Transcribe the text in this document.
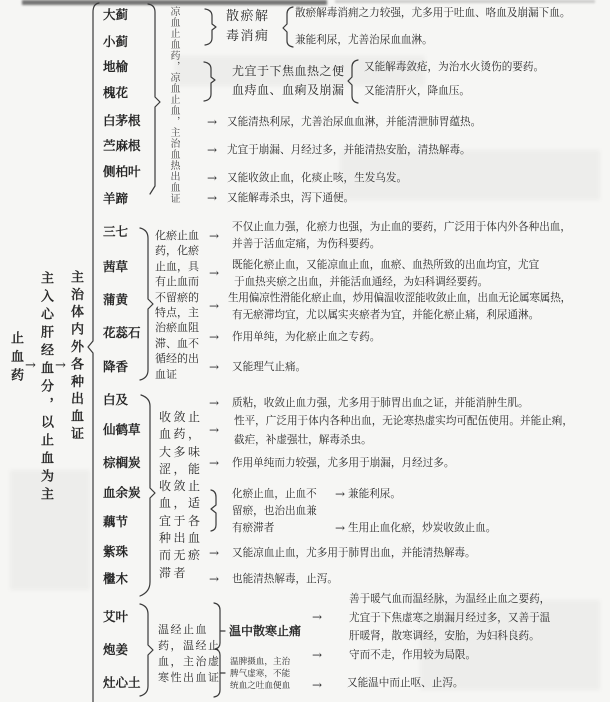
止血药 → 主入心肝经血分，以止血为主 → 主治体内外各种出血证
大蓟
小蓟
地榆
槐花
白茅根
苎麻根
侧柏叶
羊蹄	凉血止血药，凉血止血，主治血热出血证	散瘀解
毒消痈
散瘀解毒消痈之力较强，尤多用于吐血、咯血及崩漏下血。
兼能利尿，尤善治尿血血淋。
尤宜于下焦血热之便
血痔血、血痢及崩漏
又能解毒敛疮，为治水火烫伤的要药。
又能清肝火，降血压。
→ 又能清热利尿，尤善治尿血血淋，并能清泄肺胃蕴热。
→ 尤宜于崩漏、月经过多，并能清热安胎，清热解毒。
→ 又能收敛止血，化痰止咳，生发乌发。
→ 又能解毒杀虫，泻下通便。
三七
茜草
蒲黄
花蕊石
降香
化瘀止血
药，化瘀
止血，具
有止血而
不留瘀的
特点，主
治瘀血阻
滞、血不
循经的出
血证
→
不仅止血力强，化瘀力也强，为止血的要药，广泛用于体内外各种出血，
并善于活血定痛，为伤科要药。
→
既能化瘀止血，又能凉血止血，血瘀、血热所致的出血均宜，尤宜
于血热夹瘀之出血，并能活血通经，为妇科调经要药。
→
生用偏凉性滑能化瘀止血，炒用偏温收涩能收敛止血，出血无论属寒属热，
有无瘀滞均宜，尤以属实夹瘀者为宜，并能化瘀止痛，利尿通淋。
→ 作用单纯，为化瘀止血之专药。
→ 又能理气止痛。
白及
仙鹤草
棕榈炭
血余炭
藕节
紫珠
檵木
收敛止
血药，
大多味
涩，能
收敛止
血，适
宜于各
种出血
而无瘀
滞者
→ 质粘，收敛止血力强，尤多用于肺胃出血之证，并能消肿生肌。
→
性平，广泛用于体内各种出血，无论寒热虚实均可配伍使用。并能止痢，
截疟，补虚强壮，解毒杀虫。
→ 作用单纯而力较强，尤多用于崩漏，月经过多。
化瘀止血，止血不
留瘀，也治出血兼
有瘀滞者
→ 兼能利尿。
→ 生用止血化瘀，炒炭收敛止血。
→ 又能凉血止血，尤多用于肺胃出血，并能清热解毒。
→ 也能清热解毒，止泻。
艾叶
炮姜
灶心土
温经止血
药，温经止
血，主治虚
寒性出血证
温中散寒止痛
温脾摄血，主治
脾气虚寒，不能
统血之吐血便血
→
→
→
善于暖气血而温经脉，为温经止血之要药，
尤宜于下焦虚寒之崩漏月经过多，又善于温
肝暖肾，散寒调经，安胎，为妇科良药。
守而不走，作用较为局限。
又能温中而止呕、止泻。
